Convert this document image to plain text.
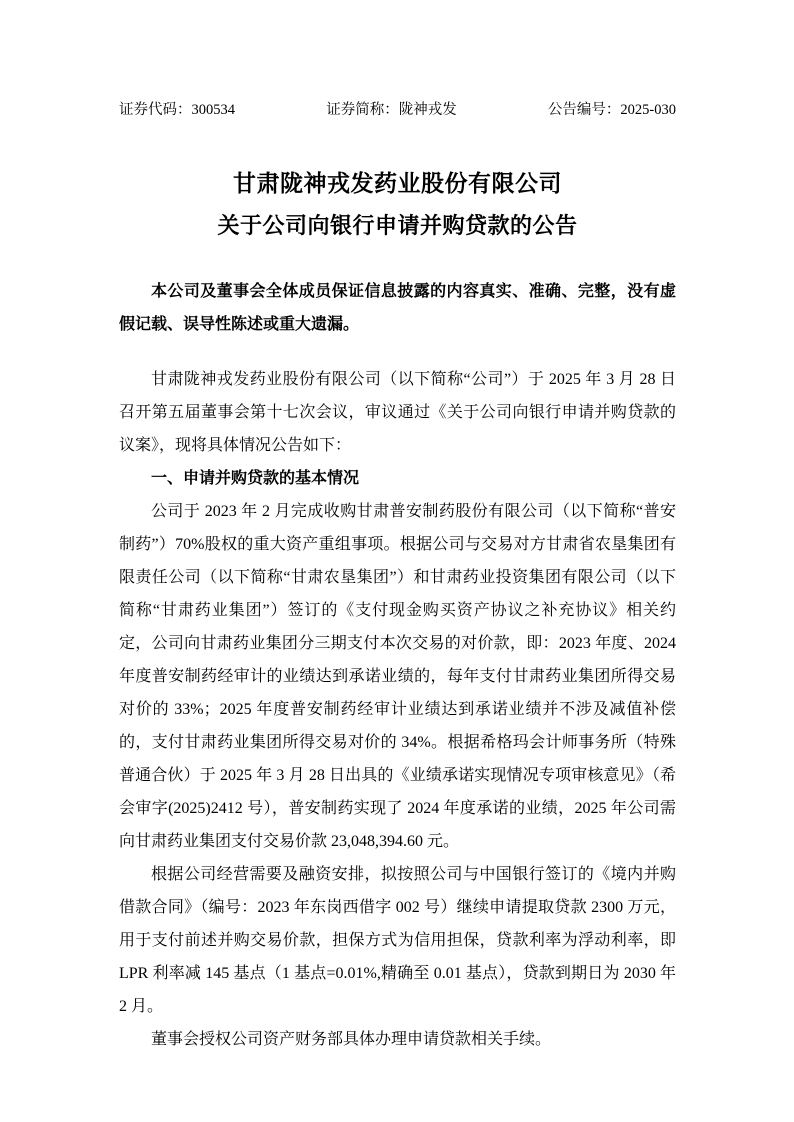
证券代码：300534	证券简称：陇神戎发	公告编号：2025-030
甘肃陇神戎发药业股份有限公司
关于公司向银行申请并购贷款的公告
本公司及董事会全体成员保证信息披露的内容真实、准确、完整，没有虚假记载、误导性陈述或重大遗漏。

甘肃陇神戎发药业股份有限公司（以下简称“公司”）于 2025 年 3 月 28 日召开第五届董事会第十七次会议，审议通过《关于公司向银行申请并购贷款的议案》，现将具体情况公告如下：

一、申请并购贷款的基本情况

公司于 2023 年 2 月完成收购甘肃普安制药股份有限公司（以下简称“普安制药”）70%股权的重大资产重组事项。根据公司与交易对方甘肃省农垦集团有限责任公司（以下简称“甘肃农垦集团”）和甘肃药业投资集团有限公司（以下简称“甘肃药业集团”）签订的《支付现金购买资产协议之补充协议》相关约定，公司向甘肃药业集团分三期支付本次交易的对价款，即：2023 年度、2024 年度普安制药经审计的业绩达到承诺业绩的，每年支付甘肃药业集团所得交易对价的 33%；2025 年度普安制药经审计业绩达到承诺业绩并不涉及减值补偿的，支付甘肃药业集团所得交易对价的 34%。根据希格玛会计师事务所（特殊普通合伙）于 2025 年 3 月 28 日出具的《业绩承诺实现情况专项审核意见》（希会审字(2025)2412 号），普安制药实现了 2024 年度承诺的业绩，2025 年公司需向甘肃药业集团支付交易价款 23,048,394.60 元。

根据公司经营需要及融资安排，拟按照公司与中国银行签订的《境内并购借款合同》（编号：2023 年东岗西借字 002 号）继续申请提取贷款 2300 万元，用于支付前述并购交易价款，担保方式为信用担保，贷款利率为浮动利率，即 LPR 利率减 145 基点（1 基点=0.01%,精确至 0.01 基点），贷款到期日为 2030 年 2 月。

董事会授权公司资产财务部具体办理申请贷款相关手续。
